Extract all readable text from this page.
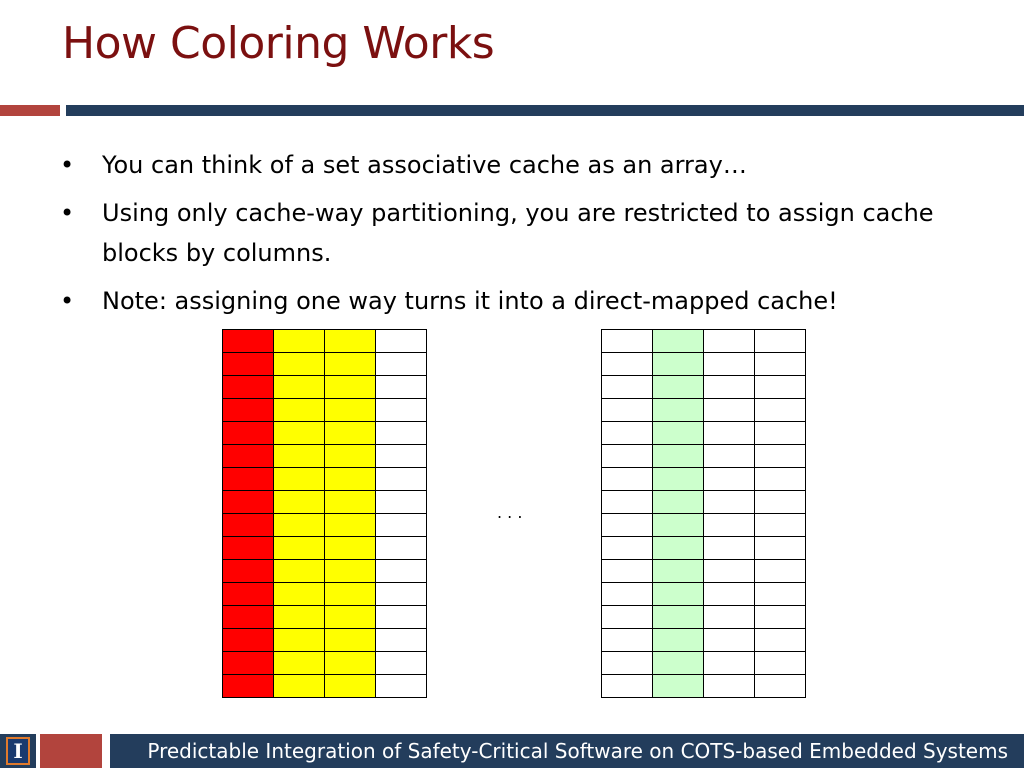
How Coloring Works
• You can think of a set associative cache as an array…
• Using only cache-way partitioning, you are restricted to assign cache blocks by columns.
• Note: assigning one way turns it into a direct-mapped cache!

. . .

I	Predictable Integration of Safety-Critical Software on COTS-based Embedded Systems
